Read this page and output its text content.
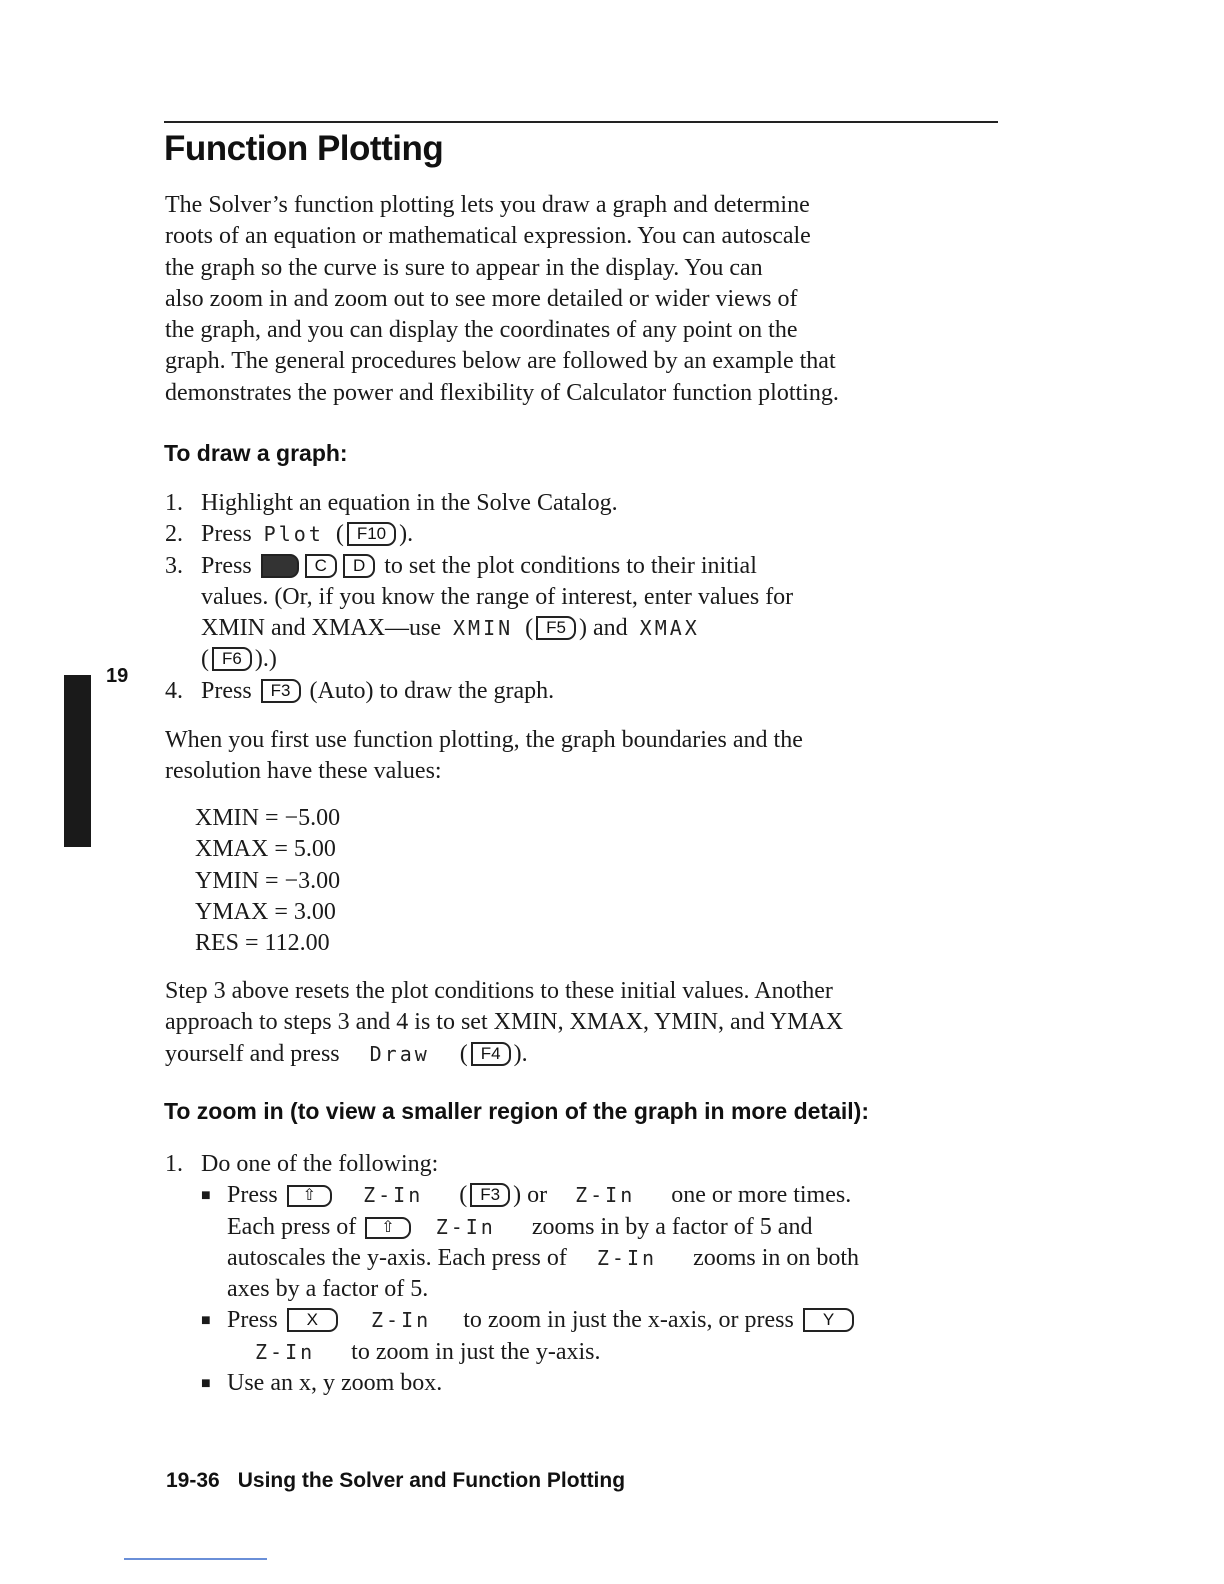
Function Plotting
The Solver’s function plotting lets you draw a graph and determine
roots of an equation or mathematical expression. You can autoscale
the graph so the curve is sure to appear in the display. You can
also zoom in and zoom out to see more detailed or wider views of
the graph, and you can display the coordinates of any point on the
graph. The general procedures below are followed by an example that
demonstrates the power and flexibility of Calculator function plotting.
To draw a graph:
1. Highlight an equation in the Solve Catalog.
2. Press Plot ( F10 ).
3. Press	C D to set the plot conditions to their initial
values. (Or, if you know the range of interest, enter values for
XMIN and XMAX—use XMIN ( F5 ) and XMAX
( F6 ).)
4. Press F3 (Auto) to draw the graph.
When you first use function plotting, the graph boundaries and the
resolution have these values:
XMIN = −5.00
XMAX = 5.00
YMIN = −3.00
YMAX = 3.00
RES = 112.00
Step 3 above resets the plot conditions to these initial values. Another
approach to steps 3 and 4 is to set XMIN, XMAX, YMIN, and YMAX
yourself and press Draw ( F4 ).
To zoom in (to view a smaller region of the graph in more detail):
1. Do one of the following:
■ Press ⇧ Z-In ( F3 ) or Z-In one or more times.
Each press of ⇧ Z-In zooms in by a factor of 5 and
autoscales the y-axis. Each press of Z-In zooms in on both
axes by a factor of 5.
■ Press X	Z-In to zoom in just the x-axis, or press Y
Z-In to zoom in just the y-axis.
■ Use an x, y zoom box.
19
19-36 Using the Solver and Function Plotting
